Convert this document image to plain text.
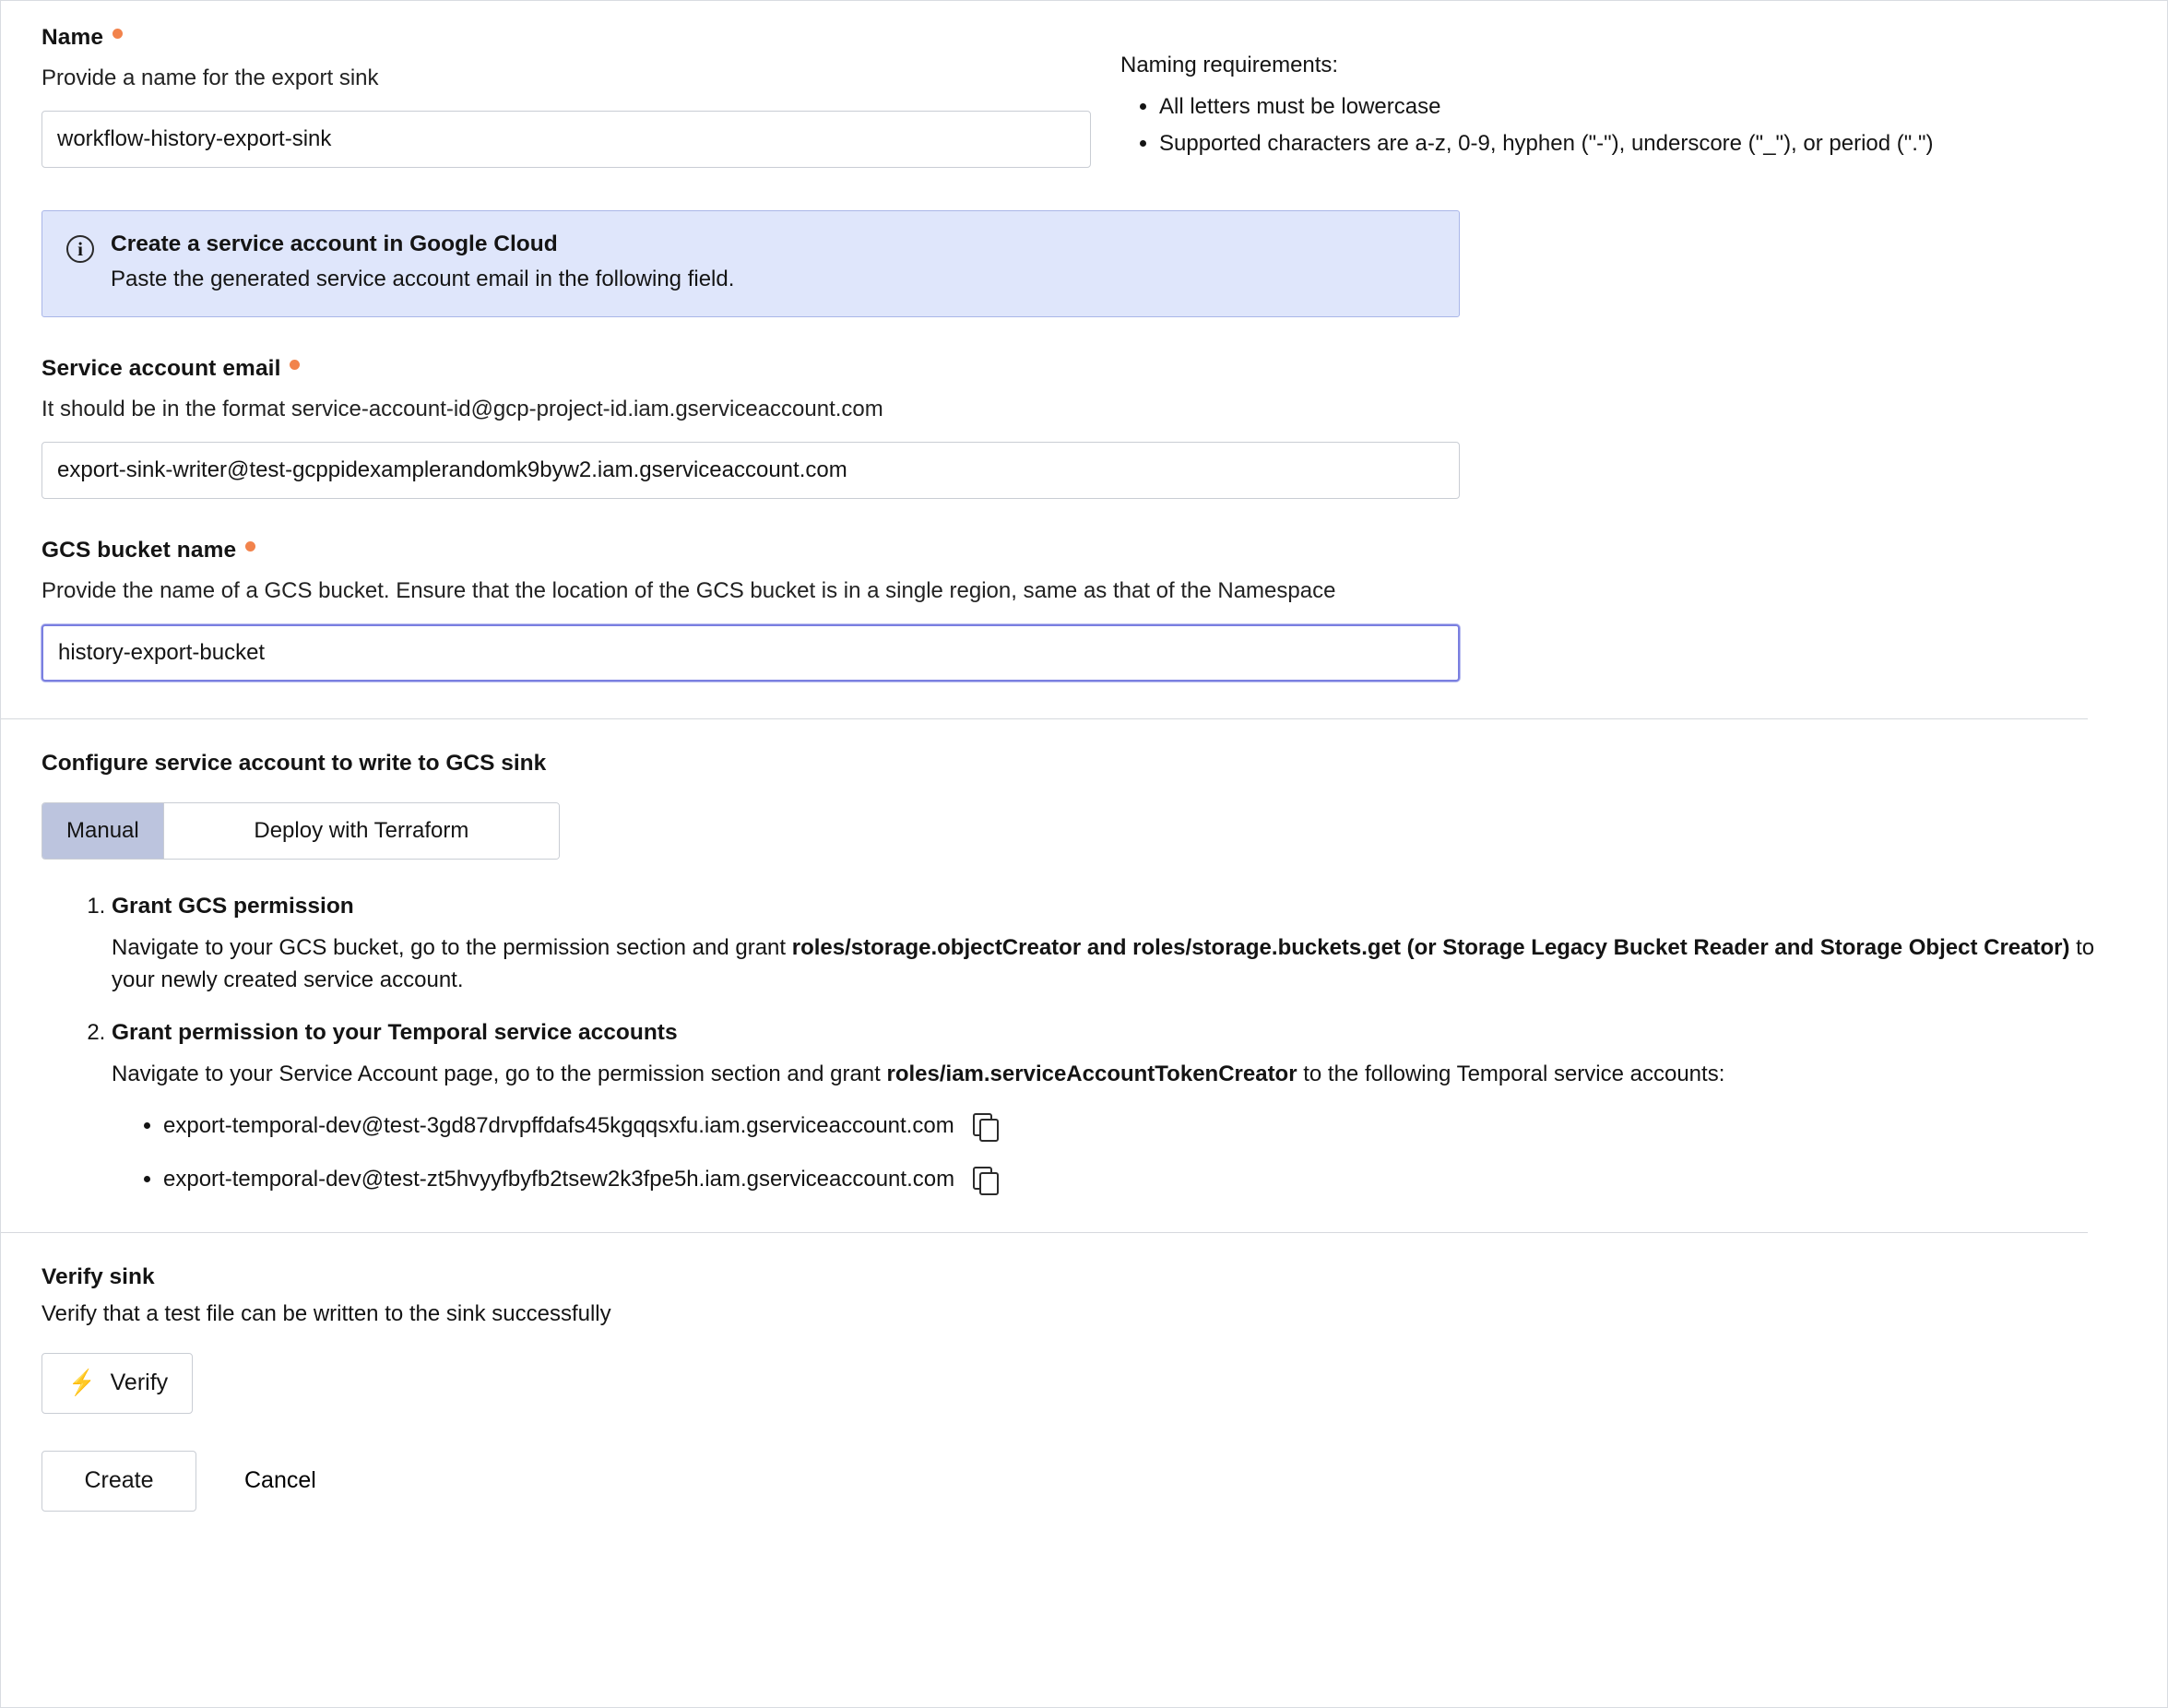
Name

Provide a name for the export sink

workflow-history-export-sink

Naming requirements:

• All letters must be lowercase
• Supported characters are a-z, 0-9, hyphen ("-"), underscore ("_"), or period (".")
i	Create a service account in Google Cloud

Paste the generated service account email in the following field.

Service account email

It should be in the format service-account-id@gcp-project-id.iam.gserviceaccount.com

export-sink-writer@test-gcppidexamplerandomk9byw2.iam.gserviceaccount.com
GCS bucket name

Provide the name of a GCS bucket. Ensure that the location of the GCS bucket is in a single region, same as that of the Namespace

history-export-bucket

Configure service account to write to GCS sink

Manual	Deploy with Terraform
1. Grant GCS permission
Navigate to your GCS bucket, go to the permission section and grant roles/storage.objectCreator and roles/storage.buckets.get (or Storage Legacy Bucket Reader and Storage Object Creator) to your newly created service account.
2. Grant permission to your Temporal service accounts
Navigate to your Service Account page, go to the permission section and grant roles/iam.serviceAccountTokenCreator to the following Temporal service accounts:
• export-temporal-dev@test-3gd87drvpffdafs45kgqqsxfu.iam.gserviceaccount.com
• export-temporal-dev@test-zt5hvyyfbyfb2tsew2k3fpe5h.iam.gserviceaccount.com

Verify sink

Verify that a test file can be written to the sink successfully

⚡ Verify
Create	Cancel
